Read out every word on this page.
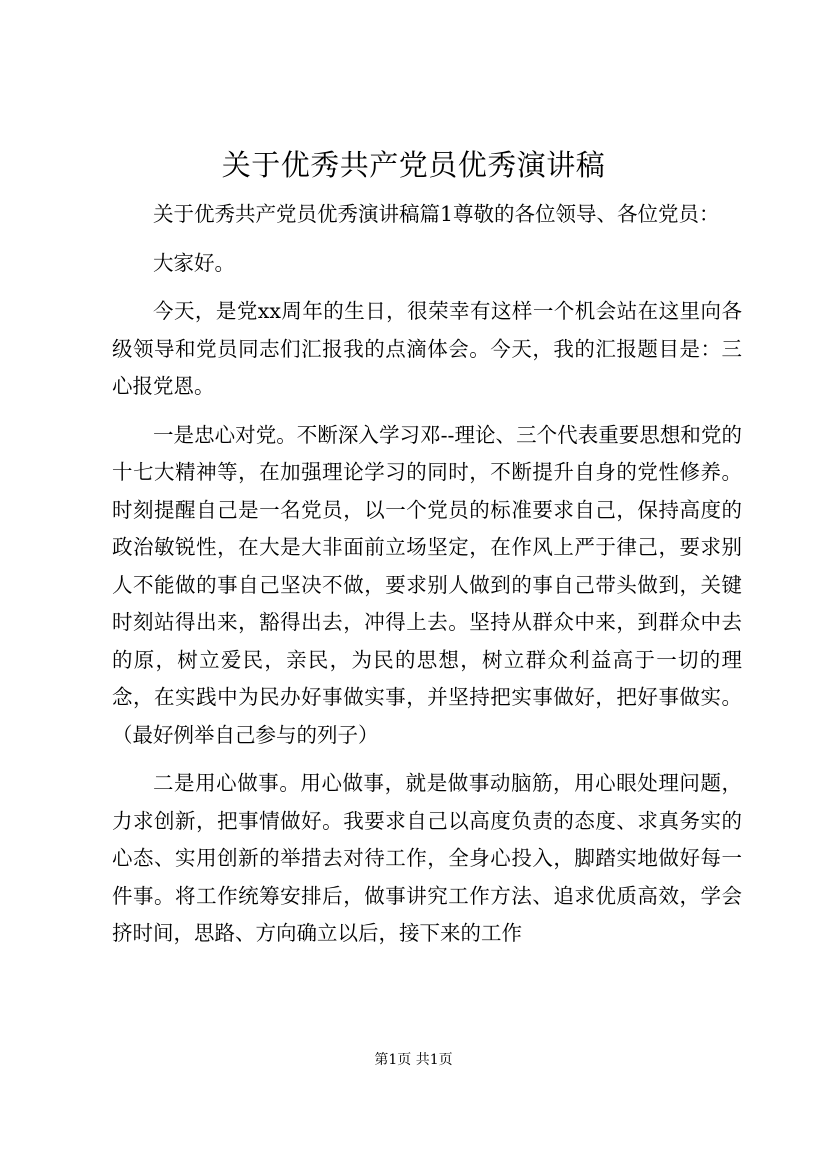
关于优秀共产党员优秀演讲稿

关于优秀共产党员优秀演讲稿篇1尊敬的各位领导、各位党员：

大家好。

今天，是党xx周年的生日，很荣幸有这样一个机会站在这里向各级领导和党员同志们汇报我的点滴体会。今天，我的汇报题目是：三心报党恩。

一是忠心对党。不断深入学习邓--理论、三个代表重要思想和党的十七大精神等，在加强理论学习的同时，不断提升自身的党性修养。时刻提醒自己是一名党员，以一个党员的标准要求自己，保持高度的政治敏锐性，在大是大非面前立场坚定，在作风上严于律己，要求别人不能做的事自己坚决不做，要求别人做到的事自己带头做到，关键时刻站得出来，豁得出去，冲得上去。坚持从群众中来，到群众中去的原，树立爱民，亲民，为民的思想，树立群众利益高于一切的理念，在实践中为民办好事做实事，并坚持把实事做好，把好事做实。（最好例举自己参与的列子）

二是用心做事。用心做事，就是做事动脑筋，用心眼处理问题，力求创新，把事情做好。我要求自己以高度负责的态度、求真务实的心态、实用创新的举措去对待工作，全身心投入，脚踏实地做好每一件事。将工作统筹安排后，做事讲究工作方法、追求优质高效，学会挤时间，思路、方向确立以后，接下来的工作

第1页 共1页
